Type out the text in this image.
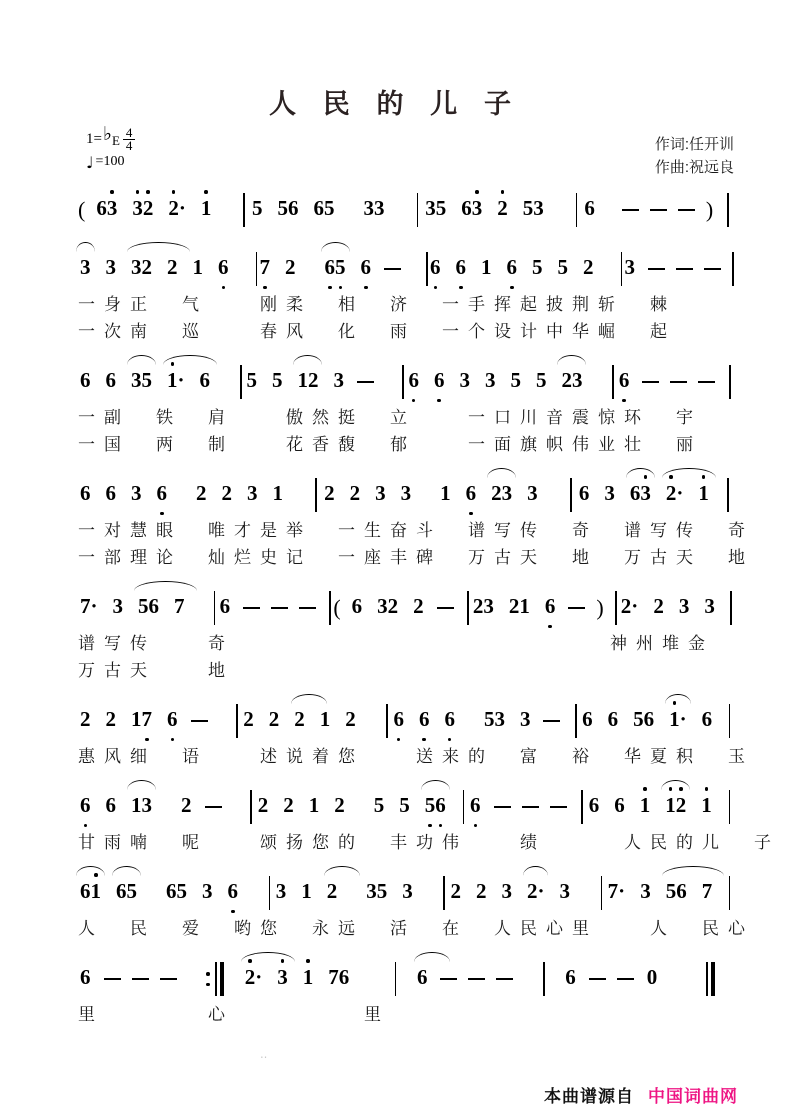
人 民 的 儿 子
1= ♭ E $\frac{4}{4}$
♩ =100
作词:任开训
作曲:祝远良
( 6 3 3 2 2 · 1 5 5 6 6 5 3 3 3 5 6 3 2 5 3 6	)
3 3 3 2 2 1 6 7 2 6 5 6	6 6 1 6 5 5 2 3
一身正　气　　刚柔　相　济　一手挥起披荆斩　棘
一次南　巡　　春风　化　雨　一个设计中华崛　起
6 6 3 5 1 · 6 5 5 1 2 3	6 6 3 3 5 5 2 3 6
一副　铁　肩　　傲然挺　立　　一口川音震惊环　宇
一国　两　制　　花香馥　郁　　一面旗帜伟业壮　丽
6 6 3 6 2 2 3 1 2 2 3 3 1 6 2 3 3 6 3 6 3 2 · 1
一对慧眼　唯才是举　一生奋斗　谱写传　奇　谱写传　奇
一部理论　灿烂史记　一座丰碑　万古天　地　万古天　地
7 · 3 5 6 7 6	( 6 3 2 2 2 3 2 1 6 ) 2 · 2 3 3
谱写传　　奇	神州堆金
万古天　　地
2 2 1 7 6	2 2 2 1 2 6 6 6 5 3 3 6 6 5 6 1 · 6
惠风细　语　　述说着您　　送来的　富　裕　华夏积　玉
6 6 1 3 2	2 2 1 2 5 5 5 6 6	6 6 1 1 2 1
甘雨喃　呢　　颂扬您的　丰功伟　　绩　　　人民的儿　子
6 1 6 5 6 5 3 6 3 1 2 3 5 3 2 2 3 2 · 3 7 · 3 5 6 7
人　民　爱　哟您　永远　活　在　人民心里　　人　民心
6	2 · 3 1 7 6	6	6	0
里　　　　心　　　　　里
‥
本曲谱源自 中国词曲网
